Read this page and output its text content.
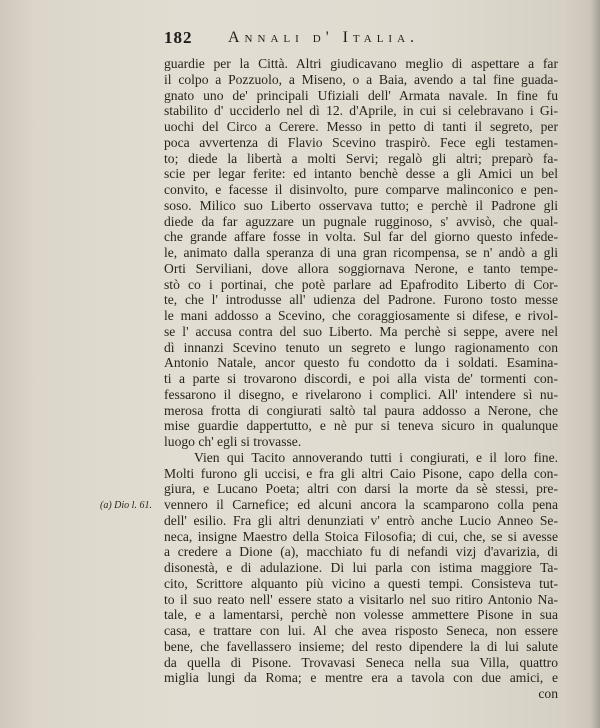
182 Annali d' Italia.
guardie per la Città. Altri giudicavano meglio di aspettare a far
il colpo a Pozzuolo, a Miseno, o a Baia, avendo a tal fine guada-
gnato uno de' principali Ufiziali dell' Armata navale. In fine fu
stabilito d' ucciderlo nel dì 12. d'Aprile, in cui si celebravano i Gi-
uochi del Circo a Cerere. Messo in petto di tanti il segreto, per
poca avvertenza di Flavio Scevino traspirò. Fece egli testamen-
to; diede la libertà a molti Servi; regalò gli altri; preparò fa-
scie per legar ferite: ed intanto benchè desse a gli Amici un bel
convito, e facesse il disinvolto, pure comparve malinconico e pen-
soso. Milico suo Liberto osservava tutto; e perchè il Padrone gli
diede da far aguzzare un pugnale rugginoso, s' avvisò, che qual-
che grande affare fosse in volta. Sul far del giorno questo infede-
le, animato dalla speranza di una gran ricompensa, se n' andò a gli
Orti Serviliani, dove allora soggiornava Nerone, e tanto tempe-
stò co i portinai, che potè parlare ad Epafrodito Liberto di Cor-
te, che l' introdusse all' udienza del Padrone. Furono tosto messe
le mani addosso a Scevino, che coraggiosamente si difese, e rivol-
se l' accusa contra del suo Liberto. Ma perchè si seppe, avere nel
dì innanzi Scevino tenuto un segreto e lungo ragionamento con
Antonio Natale, ancor questo fu condotto da i soldati. Esamina-
ti a parte si trovarono discordi, e poi alla vista de' tormenti con-
fessarono il disegno, e rivelarono i complici. All' intendere sì nu-
merosa frotta di congiurati saltò tal paura addosso a Nerone, che
mise guardie dappertutto, e nè pur si teneva sicuro in qualunque
luogo ch' egli si trovasse.
Vien qui Tacito annoverando tutti i congiurati, e il loro fine.
Molti furono gli uccisi, e fra gli altri Caio Pisone, capo della con-
giura, e Lucano Poeta; altri con darsi la morte da sè stessi, pre-
vennero il Carnefice; ed alcuni ancora la scamparono colla pena
dell' esilio. Fra gli altri denunziati v' entrò anche Lucio Anneo Se-
neca, insigne Maestro della Stoica Filosofia; di cui, che, se si avesse
a credere a Dione (a), macchiato fu di nefandi vizj d'avarizia, di
disonestà, e di adulazione. Di lui parla con istima maggiore Ta-
cito, Scrittore alquanto più vicino a questi tempi. Consisteva tut-
to il suo reato nell' essere stato a visitarlo nel suo ritiro Antonio Na-
tale, e a lamentarsi, perchè non volesse ammettere Pisone in sua
casa, e trattare con lui. Al che avea risposto Seneca, non essere
bene, che favellassero insieme; del resto dipendere la di lui salute
da quella di Pisone. Trovavasi Seneca nella sua Villa, quattro
miglia lungi da Roma; e mentre era a tavola con due amici, e
con
(a) Dio l. 61.
